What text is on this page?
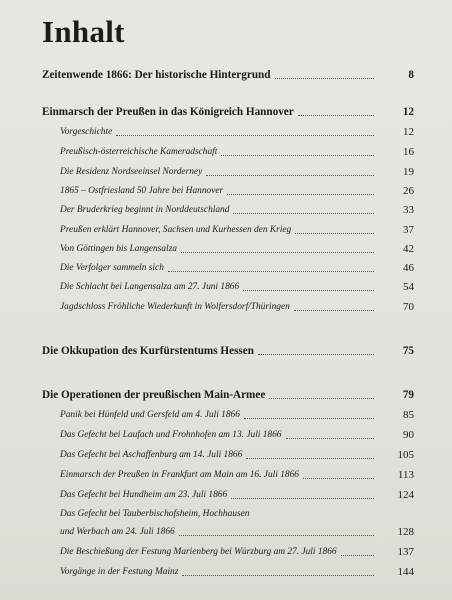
Inhalt
Zeitenwende 1866: Der historische Hintergrund	8
Einmarsch der Preußen in das Königreich Hannover	12
Vorgeschichte	12
Preußisch-österreichische Kameradschaft	16
Die Residenz Nordseeinsel Norderney	19
1865 – Ostfriesland 50 Jahre bei Hannover	26
Der Bruderkrieg beginnt in Norddeutschland	33
Preußen erklärt Hannover, Sachsen und Kurhessen den Krieg	37
Von Göttingen bis Langensalza	42
Die Verfolger sammeln sich	46
Die Schlacht bei Langensalza am 27. Juni 1866	54
Jagdschloss Fröhliche Wiederkunft in Wolfersdorf/Thüringen	70
Die Okkupation des Kurfürstentums Hessen	75
Die Operationen der preußischen Main-Armee	79
Panik bei Hünfeld und Gersfeld am 4. Juli 1866	85
Das Gefecht bei Laufach und Frohnhofen am 13. Juli 1866	90
Das Gefecht bei Aschaffenburg am 14. Juli 1866	105
Einmarsch der Preußen in Frankfurt am Main am 16. Juli 1866	113
Das Gefecht bei Hundheim am 23. Juli 1866	124
Das Gefecht bei Tauberbischofsheim, Hochhausen
und Werbach am 24. Juli 1866	128
Die Beschießung der Festung Marienberg bei Würzburg am 27. Juli 1866	137
Vorgänge in der Festung Mainz	144
